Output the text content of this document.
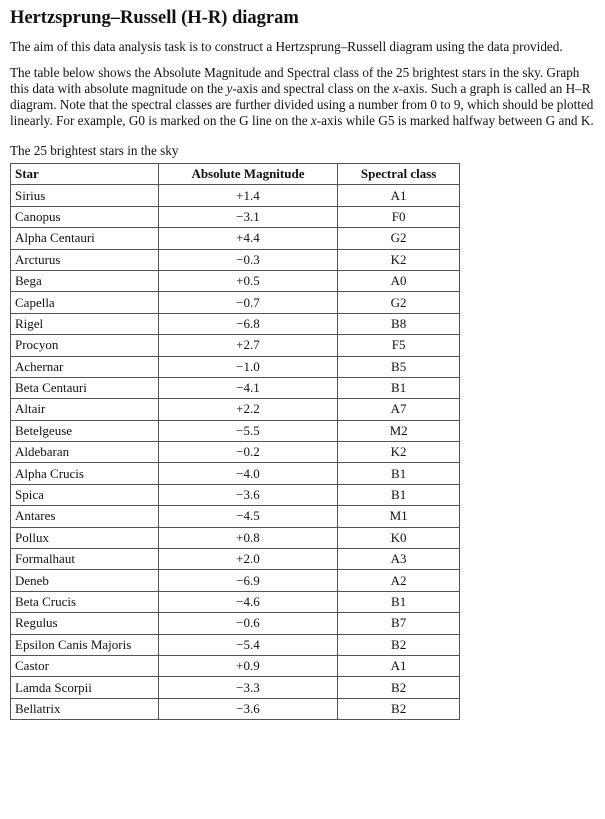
Hertzsprung–Russell (H-R) diagram

The aim of this data analysis task is to construct a Hertzsprung–Russell diagram using the data provided.

The table below shows the Absolute Magnitude and Spectral class of the 25 brightest stars in the sky. Graph this data with absolute magnitude on the y-axis and spectral class on the x-axis. Such a graph is called an H–R diagram. Note that the spectral classes are further divided using a number from 0 to 9, which should be plotted linearly. For example, G0 is marked on the G line on the x-axis while G5 is marked halfway between G and K.

The 25 brightest stars in the sky
Star	Absolute Magnitude	Spectral class
Sirius	+1.4	A1
Canopus	−3.1	F0
Alpha Centauri	+4.4	G2
Arcturus	−0.3	K2
Bega	+0.5	A0
Capella	−0.7	G2
Rigel	−6.8	B8
Procyon	+2.7	F5
Achernar	−1.0	B5
Beta Centauri	−4.1	B1
Altair	+2.2	A7
Betelgeuse	−5.5	M2
Aldebaran	−0.2	K2
Alpha Crucis	−4.0	B1
Spica	−3.6	B1
Antares	−4.5	M1
Pollux	+0.8	K0
Formalhaut	+2.0	A3
Deneb	−6.9	A2
Beta Crucis	−4.6	B1
Regulus	−0.6	B7
Epsilon Canis Majoris	−5.4	B2
Castor	+0.9	A1
Lamda Scorpii	−3.3	B2
Bellatrix	−3.6	B2
